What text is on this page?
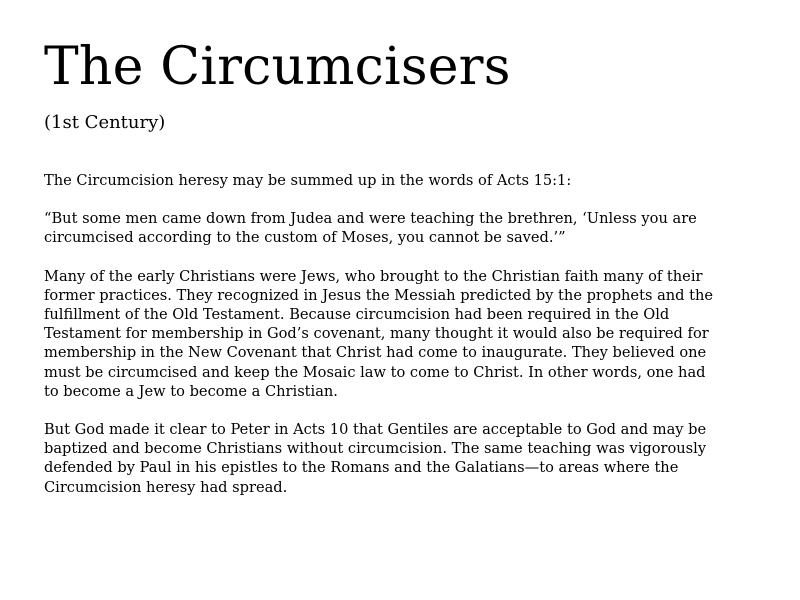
The Circumcisers
(1st Century)

The Circumcision heresy may be summed up in the words of Acts 15:1:

“But some men came down from Judea and were teaching the brethren, ‘Unless you are circumcised according to the custom of Moses, you cannot be saved.’”

Many of the early Christians were Jews, who brought to the Christian faith many of their former practices. They recognized in Jesus the Messiah predicted by the prophets and the fulfillment of the Old Testament. Because circumcision had been required in the Old Testament for membership in God’s covenant, many thought it would also be required for membership in the New Covenant that Christ had come to inaugurate. They believed one must be circumcised and keep the Mosaic law to come to Christ. In other words, one had to become a Jew to become a Christian.

But God made it clear to Peter in Acts 10 that Gentiles are acceptable to God and may be baptized and become Christians without circumcision. The same teaching was vigorously defended by Paul in his epistles to the Romans and the Galatians—to areas where the Circumcision heresy had spread.
